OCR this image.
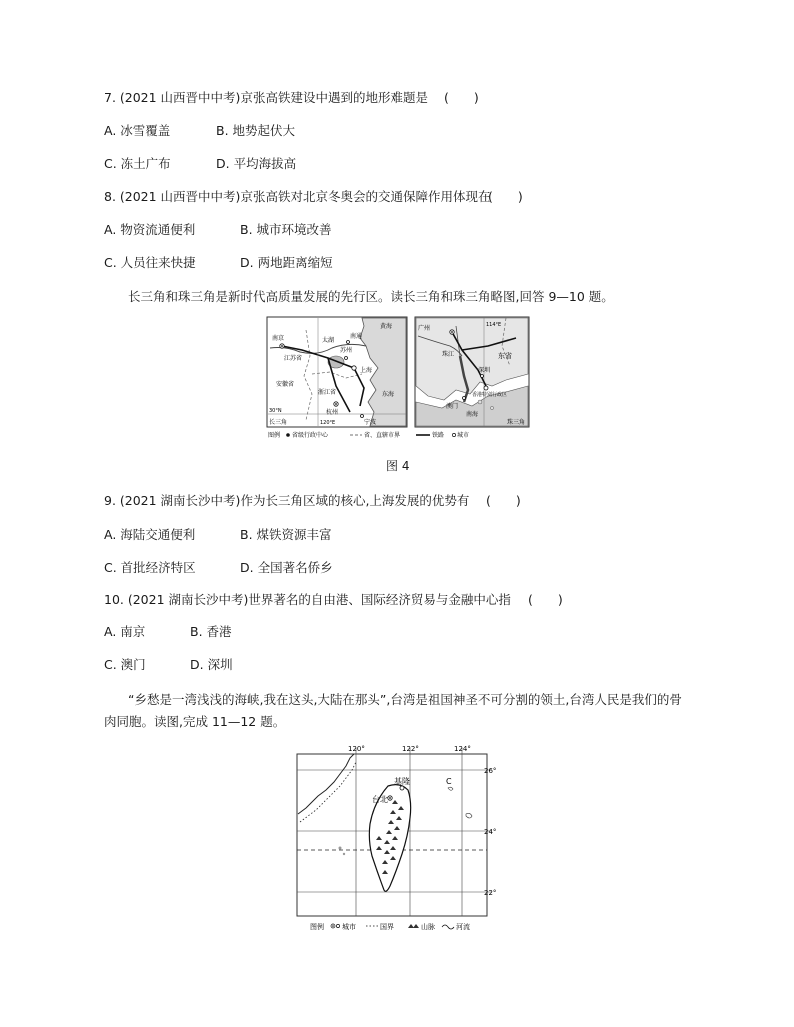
7. (2021 山西晋中中考)京张高铁建设中遇到的地形难题是 (　　)
A. 冰雪覆盖	B. 地势起伏大
C. 冻土广布	D. 平均海拔高
8. (2021 山西晋中中考)京张高铁对北京冬奥会的交通保障作用体现在
(　　)
A. 物资流通便利	B. 城市环境改善
C. 人员往来快捷	D. 两地距离缩短
长三角和珠三角是新时代高质量发展的先行区。读长三角和珠三角略图,回答 9—10 题。
南京
江苏省
安徽省
浙江省
杭州
苏州
太湖
南通
上海
黄海
东海
宁波
长三角
30°N
120°E
广州
东省
深圳
珠江
澳门
香港特别行政区
南海
珠三角
114°E
图例 省级行政中心	省、直辖市界	铁路 城市
图 4
9. (2021 湖南长沙中考)作为长三角区域的核心,上海发展的优势有 (　　)
A. 海陆交通便利	B. 煤铁资源丰富
C. 首批经济特区	D. 全国著名侨乡
10. (2021 湖南长沙中考)世界著名的自由港、国际经济贸易与金融中心指 (　　)
A. 南京	B. 香港
C. 澳门	D. 深圳
“乡愁是一湾浅浅的海峡,我在这头,大陆在那头”,台湾是祖国神圣不可分割的领土,台湾人民是我们的骨肉同胞。读图,完成 11—12 题。
120°	122°	124°
26°
24°
22°
基隆
台北
C
图例	城市	国界	山脉	河流
